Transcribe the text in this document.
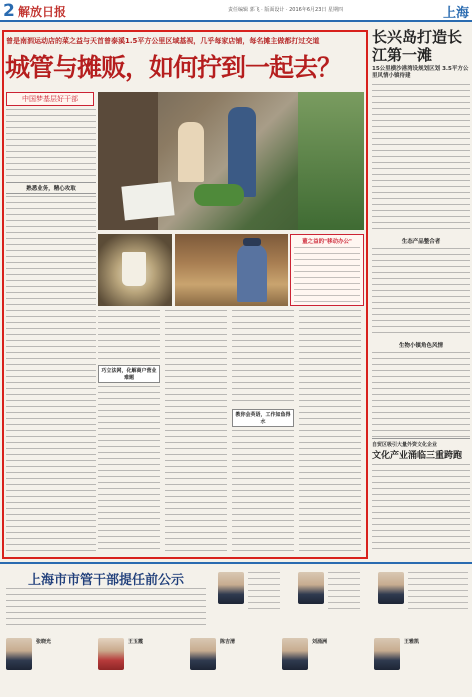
2 解放日报	责任编辑 郭飞 · 版面设计 · 2016年6月23日 星期四	上海
曾是南泗运动店的菜之益与天首曾泰溪1.5平方公里区域基视，几乎每家店铺，每名摊主做都打过交道
城管与摊贩，如何拧到一起去？
中国梦基层好干部
熟悉业务，精心攻取
董之益的"移动办公"
巧立法网，化解商户营业难题
教你会英语，工作如鱼得水
长兴岛打造长江第一滩
15公里横沙港湾设规划区划 3.5平方公里风情小镇待建
生态产品整合者
生物小镇角色风情
自贸区吸引大量外资文化企业
文化产业涌临三重跨跑
上海市市管干部提任前公示
张晓光	王玉霞	陈吉清	刘涌洲	王雅凯
